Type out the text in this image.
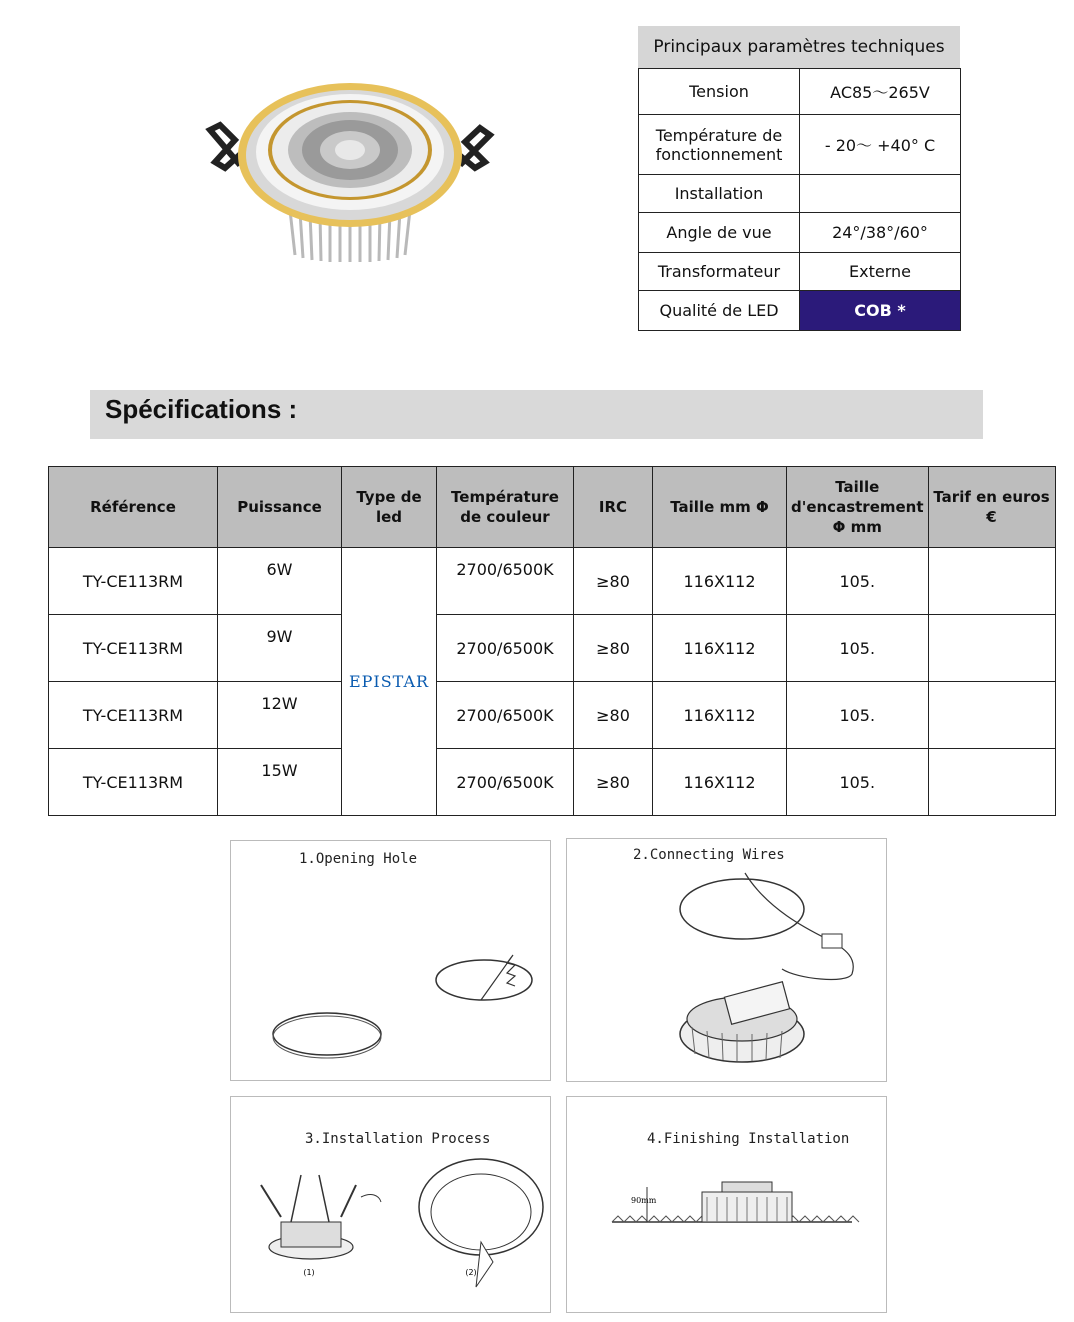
Principaux paramètres techniques
Tension	AC85～265V
Température de fonctionnement	- 20～ +40° C
Installation	
Angle de vue	24°/38°/60°
Transformateur	Externe
Qualité de LED	COB *
Spécifications :
Référence	Puissance	Type de led	Température de couleur	IRC	Taille mm Φ	Taille d'encastrement Φ mm	Tarif en euros €
TY-CE113RM	6W	EPISTAR	2700/6500K	≥80	116X112	105.	
TY-CE113RM	9W		2700/6500K	≥80	116X112	105.	
TY-CE113RM	12W		2700/6500K	≥80	116X112	105.	
TY-CE113RM	15W		2700/6500K	≥80	116X112	105.	
1.Opening Hole	2.Connecting Wires
3.Installation Process
(1)	(2)
4.Finishing Installation
90mm
